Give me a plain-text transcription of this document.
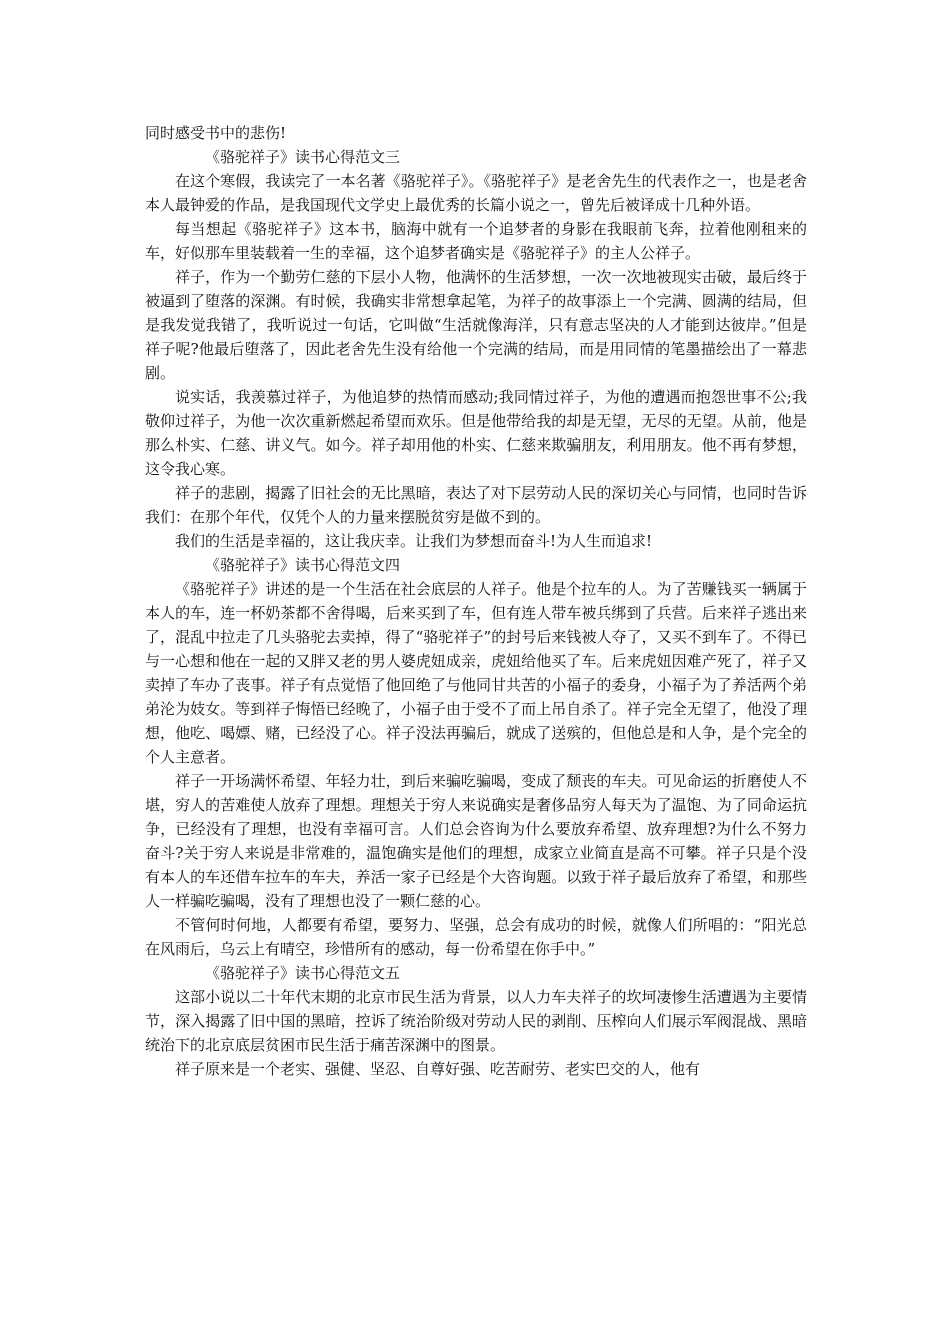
同时感受书中的悲伤!

《骆驼祥子》读书心得范文三

在这个寒假，我读完了一本名著《骆驼祥子》。《骆驼祥子》是老舍先生的代表作之一，也是老舍本人最钟爱的作品，是我国现代文学史上最优秀的长篇小说之一，曾先后被译成十几种外语。

每当想起《骆驼祥子》这本书，脑海中就有一个追梦者的身影在我眼前飞奔，拉着他刚租来的车，好似那车里装载着一生的幸福，这个追梦者确实是《骆驼祥子》的主人公祥子。

祥子，作为一个勤劳仁慈的下层小人物，他满怀的生活梦想，一次一次地被现实击破，最后终于被逼到了堕落的深渊。有时候，我确实非常想拿起笔，为祥子的故事添上一个完满、圆满的结局，但是我发觉我错了，我听说过一句话，它叫做“生活就像海洋，只有意志坚决的人才能到达彼岸。”但是祥子呢?他最后堕落了，因此老舍先生没有给他一个完满的结局，而是用同情的笔墨描绘出了一幕悲剧。

说实话，我羡慕过祥子，为他追梦的热情而感动;我同情过祥子，为他的遭遇而抱怨世事不公;我敬仰过祥子，为他一次次重新燃起希望而欢乐。但是他带给我的却是无望，无尽的无望。从前，他是那么朴实、仁慈、讲义气。如今。祥子却用他的朴实、仁慈来欺骗朋友，利用朋友。他不再有梦想，这令我心寒。

祥子的悲剧，揭露了旧社会的无比黑暗，表达了对下层劳动人民的深切关心与同情，也同时告诉我们：在那个年代，仅凭个人的力量来摆脱贫穷是做不到的。

我们的生活是幸福的，这让我庆幸。让我们为梦想而奋斗!为人生而追求!

《骆驼祥子》读书心得范文四

《骆驼祥子》讲述的是一个生活在社会底层的人祥子。他是个拉车的人。为了苦赚钱买一辆属于本人的车，连一杯奶茶都不舍得喝，后来买到了车，但有连人带车被兵绑到了兵营。后来祥子逃出来了，混乱中拉走了几头骆驼去卖掉，得了“骆驼祥子”的封号后来钱被人夺了，又买不到车了。不得已与一心想和他在一起的又胖又老的男人婆虎妞成亲，虎妞给他买了车。后来虎妞因难产死了，祥子又卖掉了车办了丧事。祥子有点觉悟了他回绝了与他同甘共苦的小福子的委身，小福子为了养活两个弟弟沦为妓女。等到祥子悔悟已经晚了，小福子由于受不了而上吊自杀了。祥子完全无望了，他没了理想，他吃、喝嫖、赌，已经没了心。祥子没法再骗后，就成了送殡的，但他总是和人争，是个完全的个人主意者。

祥子一开场满怀希望、年轻力壮，到后来骗吃骗喝，变成了颓丧的车夫。可见命运的折磨使人不堪，穷人的苦难使人放弃了理想。理想关于穷人来说确实是奢侈品穷人每天为了温饱、为了同命运抗争，已经没有了理想，也没有幸福可言。人们总会咨询为什么要放弃希望、放弃理想?为什么不努力奋斗?关于穷人来说是非常难的，温饱确实是他们的理想，成家立业简直是高不可攀。祥子只是个没有本人的车还借车拉车的车夫，养活一家子已经是个大咨询题。以致于祥子最后放弃了希望，和那些人一样骗吃骗喝，没有了理想也没了一颗仁慈的心。

不管何时何地，人都要有希望，要努力、坚强，总会有成功的时候，就像人们所唱的：“阳光总在风雨后，乌云上有晴空，珍惜所有的感动，每一份希望在你手中。”

《骆驼祥子》读书心得范文五

这部小说以二十年代末期的北京市民生活为背景，以人力车夫祥子的坎坷凄惨生活遭遇为主要情节，深入揭露了旧中国的黑暗，控诉了统治阶级对劳动人民的剥削、压榨向人们展示军阀混战、黑暗统治下的北京底层贫困市民生活于痛苦深渊中的图景。

祥子原来是一个老实、强健、坚忍、自尊好强、吃苦耐劳、老实巴交的人，他有
